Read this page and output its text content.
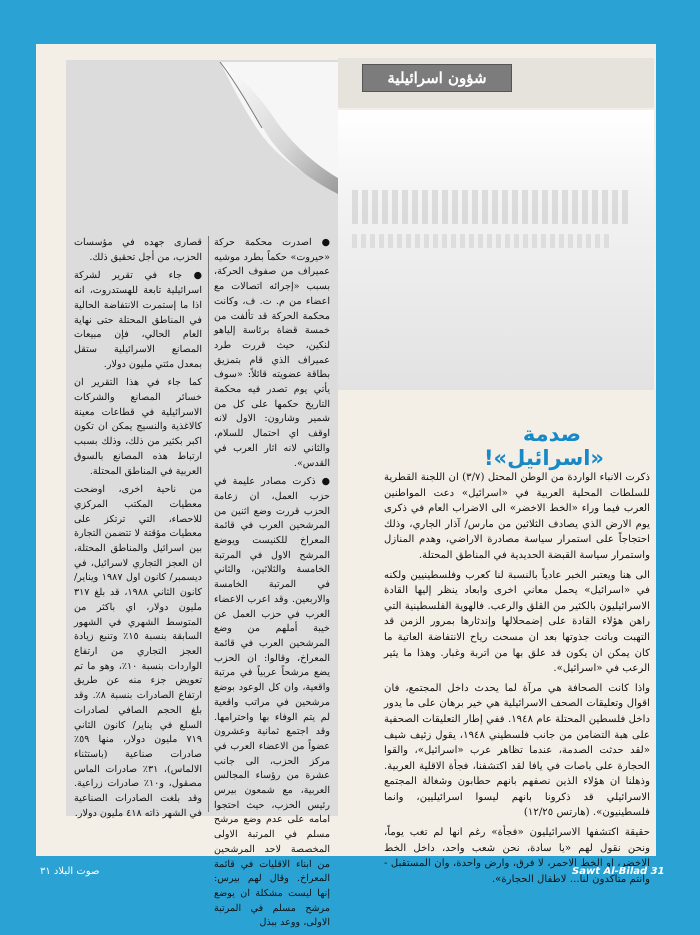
شؤون اسرائيلية

● اصدرت محكمة حركة «حيروت» حكماً بطرد موشيه عميراف من صفوف الحركة، بسبب «إجرائه اتصالات مع اعضاء من م. ت. ف، وكانت محكمة الحركة قد تألفت من خمسة قضاة برئاسة إلياهو لنكين، حيث قررت طرد عميراف الذي قام بتمزيق بطاقة عضويته قائلاً: «سوف يأتي يوم تصدر فيه محكمة التاريخ حكمها على كل من شمير وشارون: الاول لانه اوقف اي احتمال للسلام، والثاني لانه اثار العرب في القدس».

● ذكرت مصادر عليمة في حزب العمل، ان زعامة الحزب قررت وضع اثنين من المرشحين العرب في قائمة المعراخ للكنيست ويوضع المرشح الاول في المرتبة الخامسة والثلاثين، والثاني في المرتبة الخامسة والاربعين. وقد اعرب الاعضاء العرب في حزب العمل عن خيبة أملهم من وضع المرشحين العرب في قائمة المعراخ، وقالوا: ان الحزب يضع مرشحاً عربياً في مرتبة واقعية، وان كل الوعود بوضع مرشحين في مراتب واقعية لم يتم الوفاء بها واحترامها. وقد اجتمع ثمانية وعشرون عضواً من الاعضاء العرب في مركز الحزب، الى جانب عشرة من رؤساء المجالس العربية، مع شمعون بيرس رئيس الحزب، حيث احتجوا امامه على عدم وضع مرشح مسلم في المرتبة الاولى المخصصة لاحد المرشحين من ابناء الاقليات في قائمة المعراخ. وقال لهم بيرس: إنها ليست مشكلة ان يوضع مرشح مسلم في المرتبة الاولى، ووعد ببذل

قصارى جهده في مؤسسات الحزب، من أجل تحقيق ذلك.

● جاء في تقرير لشركة اسرائيلية تابعة للهستدروت، انه اذا ما إستمرت الانتفاضة الحالية في المناطق المحتلة حتى نهاية العام الحالي، فإن مبيعات المصانع الاسرائيلية ستقل بمعدل مئتي مليون دولار.

كما جاء في هذا التقرير ان خسائر المصانع والشركات الاسرائيلية في قطاعات معينة كالاغذية والنسيج يمكن ان تكون اكبر بكثير من ذلك، وذلك بسبب ارتباط هذه المصانع بالسوق العربية في المناطق المحتلة.

من ناحية اخرى، اوضحت معطيات المكتب المركزي للاحصاء، التي ترتكز على معطيات مؤقتة لا تتضمن التجارة بين اسرائيل والمناطق المحتلة، ان العجز التجاري لاسرائيل، في ديسمبر/ كانون اول ١٩٨٧ ويناير/ كانون الثاني ١٩٨٨، قد بلغ ٣١٧ مليون دولار، اي باكثر من المتوسط الشهري في الشهور السابقة بنسبة ١٥٪ وتنبع زيادة العجز التجاري من ارتفاع الواردات بنسبة ١٠٪، وهو ما تم تعويض جزء منه عن طريق ارتفاع الصادرات بنسبة ٨٪. وقد بلغ الحجم الصافي لصادرات السلع في يناير/ كانون الثاني ٧١٩ مليون دولار، منها ٥٩٪ صادرات صناعية (باستثناء الالماس)، ٣١٪ صادرات الماس مصقول، و١٠٪ صادرات زراعية. وقد بلغت الصادرات الصناعية في الشهر ذاته ٤١٨ مليون دولار.

صدمة «اسرائيل»!

ذكرت الانباء الواردة من الوطن المحتل (٣/٧) ان اللجنة القطرية للسلطات المحلية العربية في «اسرائيل» دعت المواطنين العرب فيما وراء «الخط الاخضر» الى الاضراب العام في ذكرى يوم الارض الذي يصادف الثلاثين من مارس/ آذار الجاري، وذلك احتجاجاً على استمرار سياسة مصادرة الاراضي، وهدم المنازل واستمرار سياسة القبضة الحديدية في المناطق المحتلة.

الى هنا ويعتبر الخبر عادياً بالنسبة لنا كعرب وفلسطينيين ولكنه في «اسرائيل» يحمل معاني اخرى وابعاد ينظر إليها القادة الاسرائيليون بالكثير من القلق والرعب. فالهوية الفلسطينية التي راهن هؤلاء القادة على إضمحلالها وإندثارها بمرور الزمن قد التهبت وباتت جذوتها بعد ان مسحت رياح الانتفاضة العاتية ما كان يمكن ان يكون قد علق بها من اتربة وغبار. وهذا ما يثير الرعب في «اسرائيل».

واذا كانت الصحافة هي مرآة لما يحدث داخل المجتمع، فان اقوال وتعليقات الصحف الاسرائيلية هي خير برهان على ما يدور داخل فلسطين المحتلة عام ١٩٤٨. ففي إطار التعليقات الصحفية على هبة التضامن من جانب فلسطيني ١٩٤٨، يقول زئيف شيف «لقد حدثت الصدمة، عندما تظاهر عرب «اسرائيل»، والقوا الحجارة على باصات في يافا لقد اكتشفنا، فجأة الاقلية العربية. وذهلنا ان هؤلاء الذين نصفهم بانهم حطابون وشغالة المجتمع الاسرائيلي قد ذكرونا بانهم ليسوا اسرائيليين، وانما فلسطينيون». (هارتس ١٢/٢٥)

حقيقة اكتشفها الاسرائيليون «فجأة» رغم انها لم تغب يوماً، ونحن نقول لهم «يا سادة، نحن شعب واحد، داخل الخط الاخضر، او الخط الاحمر، لا فرق، وارض واحدة، وان المستقبل - وانتم متاكدون لنا... لاطفال الحجارة».

صوت البلاد ٣١	Sawt Al-Bilad 31
